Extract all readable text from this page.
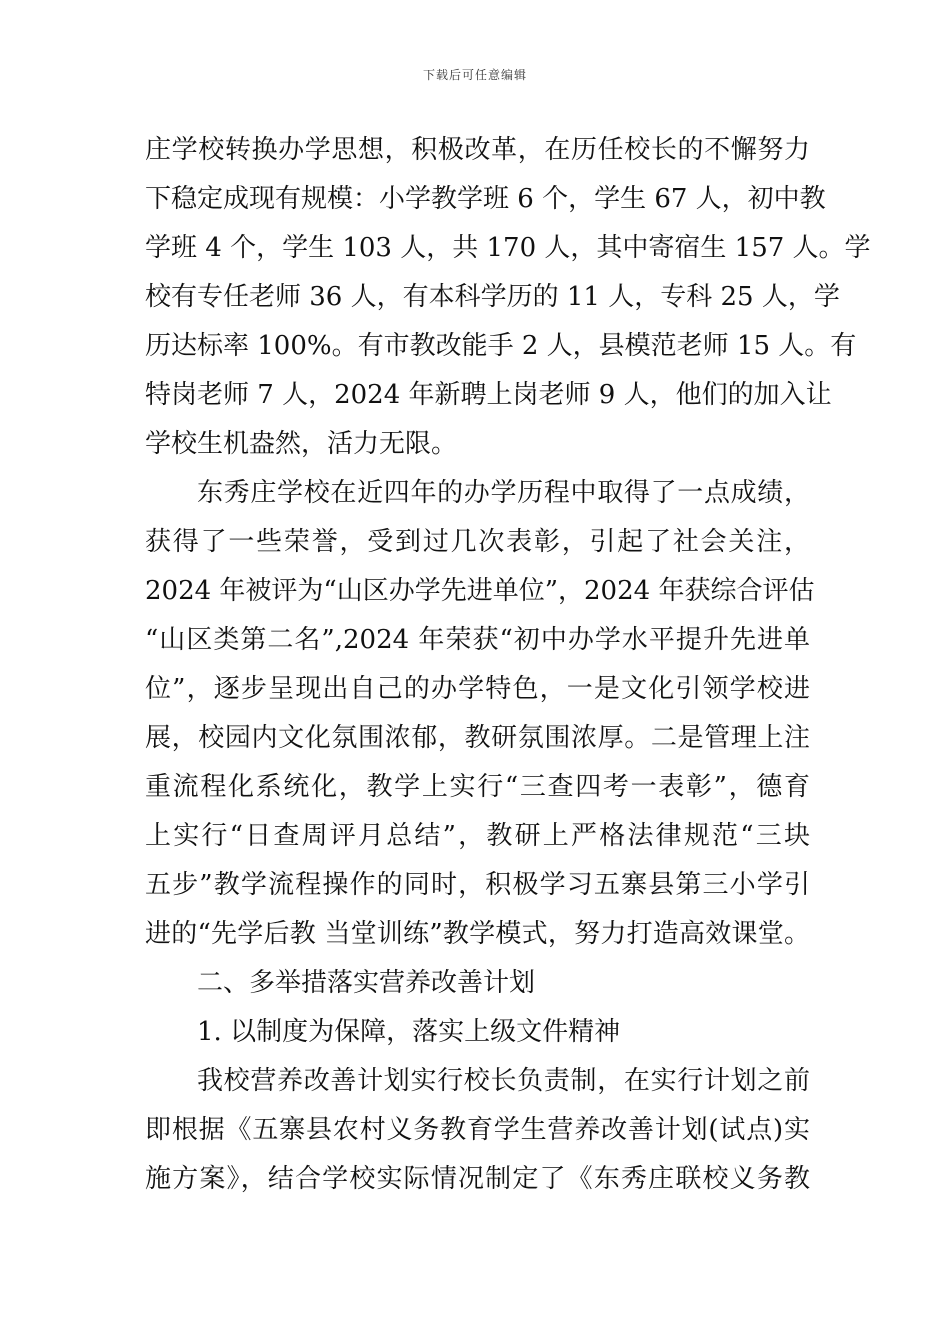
下载后可任意编辑
庄学校转换办学思想，积极改革，在历任校长的不懈努力
下稳定成现有规模：小学教学班 6 个，学生 67 人，初中教
学班 4 个，学生 103 人，共 170 人，其中寄宿生 157 人。学
校有专任老师 36 人，有本科学历的 11 人，专科 25 人，学
历达标率 100%。有市教改能手 2 人，县模范老师 15 人。有
特岗老师 7 人，2024 年新聘上岗老师 9 人，他们的加入让
学校生机盎然，活力无限。
东秀庄学校在近四年的办学历程中取得了一点成绩，
获得了一些荣誉，受到过几次表彰，引起了社会关注，
2024 年被评为“山区办学先进单位”，2024 年获综合评估
“山区类第二名”,2024 年荣获“初中办学水平提升先进单
位”，逐步呈现出自己的办学特色，一是文化引领学校进
展，校园内文化氛围浓郁，教研氛围浓厚。二是管理上注
重流程化系统化，教学上实行“三查四考一表彰”，德育
上实行“日查周评月总结”，教研上严格法律规范“三块
五步”教学流程操作的同时，积极学习五寨县第三小学引
进的“先学后教 当堂训练”教学模式，努力打造高效课堂。
二、多举措落实营养改善计划
1. 以制度为保障，落实上级文件精神
我校营养改善计划实行校长负责制，在实行计划之前
即根据《五寨县农村义务教育学生营养改善计划(试点)实
施方案》，结合学校实际情况制定了《东秀庄联校义务教
